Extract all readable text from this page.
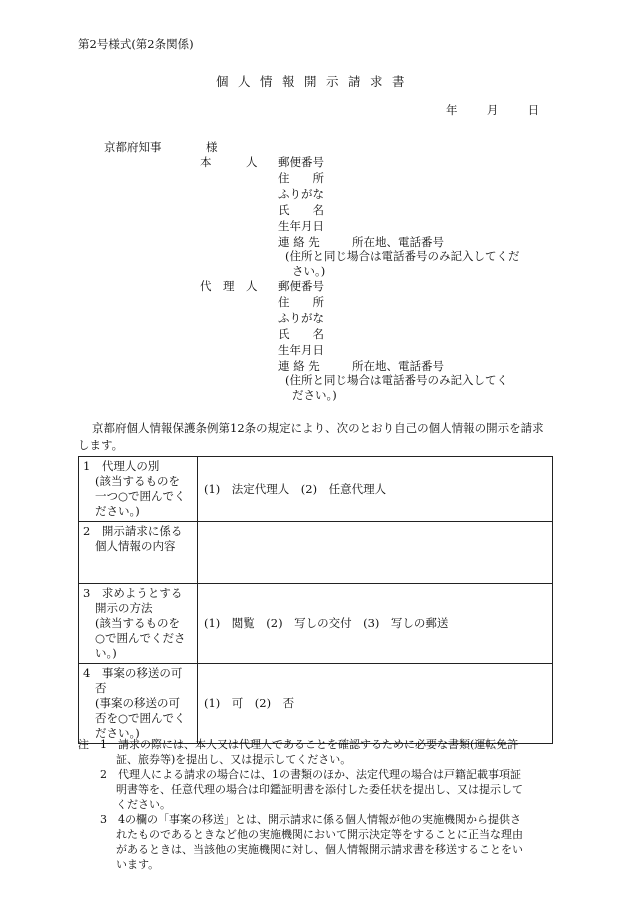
第2号様式(第2条関係)
個人情報開示請求書
年	月	日
京都府知事	様
本　　　人 郵便番号
住　　所
ふりがな
氏　　名
生年月日
連 絡 先	所在地、電話番号
(住所と同じ場合は電話番号のみ記入してくだ
さい。)
代　理　人 郵便番号
住　　所
ふりがな
氏　　名
生年月日
連 絡 先	所在地、電話番号
(住所と同じ場合は電話番号のみ記入してく
ださい。)
京都府個人情報保護条例第12条の規定により、次のとおり自己の個人情報の開示を請求
します。
1　代理人の別
(該当するものを
一つ○で囲んでく
ださい。)	(1)　法定代理人　(2)　任意代理人

2　開示請求に係る
個人情報の内容	

3　求めようとする
開示の方法
(該当するものを
○で囲んでくださ
い。)	(1)　閲覧　(2)　写しの交付　(3)　写しの郵送

4　事案の移送の可
否
(事案の移送の可
否を○で囲んでく
ださい。)	(1)　可　(2)　否
注	1　請求の際には、本人又は代理人であることを確認するために必要な書類(運転免許
証、旅券等)を提出し、又は提示してください。
2　代理人による請求の場合には、1の書類のほか、法定代理の場合は戸籍記載事項証
明書等を、任意代理の場合は印鑑証明書を添付した委任状を提出し、又は提示して
ください。
3　4の欄の「事案の移送」とは、開示請求に係る個人情報が他の実施機関から提供さ
れたものであるときなど他の実施機関において開示決定等をすることに正当な理由
があるときは、当該他の実施機関に対し、個人情報開示請求書を移送することをい
います。
